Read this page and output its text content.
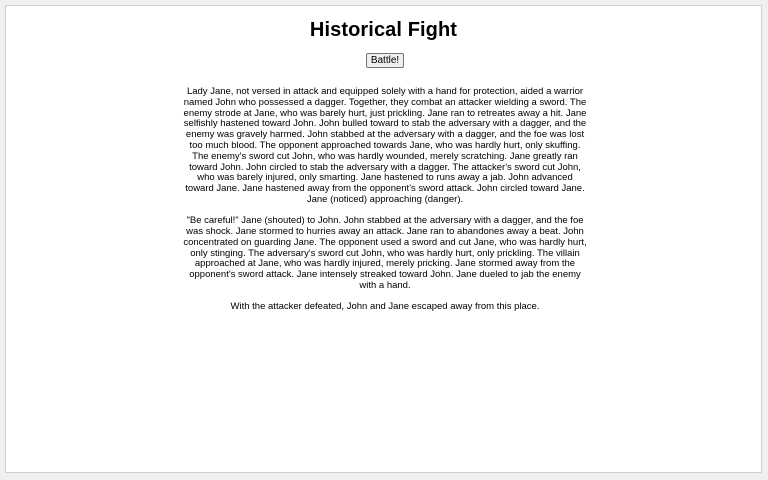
Historical Fight
Battle!

Lady Jane, not versed in attack and equipped solely with a hand for protection, aided a warrior named John who possessed a dagger. Together, they combat an attacker wielding a sword. The enemy strode at Jane, who was barely hurt, just prickling. Jane ran to retreates away a hit. Jane selfishly hastened toward John. John bulled toward to stab the adversary with a dagger, and the enemy was gravely harmed. John stabbed at the adversary with a dagger, and the foe was lost too much blood. The opponent approached towards Jane, who was hardly hurt, only skuffing. The enemy's sword cut John, who was hardly wounded, merely scratching. Jane greatly ran toward John. John circled to stab the adversary with a dagger. The attacker's sword cut John, who was barely injured, only smarting. Jane hastened to runs away a jab. John advanced toward Jane. Jane hastened away from the opponent's sword attack. John circled toward Jane. Jane (noticed) approaching (danger).

"Be careful!" Jane (shouted) to John. John stabbed at the adversary with a dagger, and the foe was shock. Jane stormed to hurries away an attack. Jane ran to abandones away a beat. John concentrated on guarding Jane. The opponent used a sword and cut Jane, who was hardly hurt, only stinging. The adversary's sword cut John, who was hardly hurt, only prickling. The villain approached at Jane, who was hardly injured, merely pricking. Jane stormed away from the opponent's sword attack. Jane intensely streaked toward John. Jane dueled to jab the enemy with a hand.

With the attacker defeated, John and Jane escaped away from this place.
